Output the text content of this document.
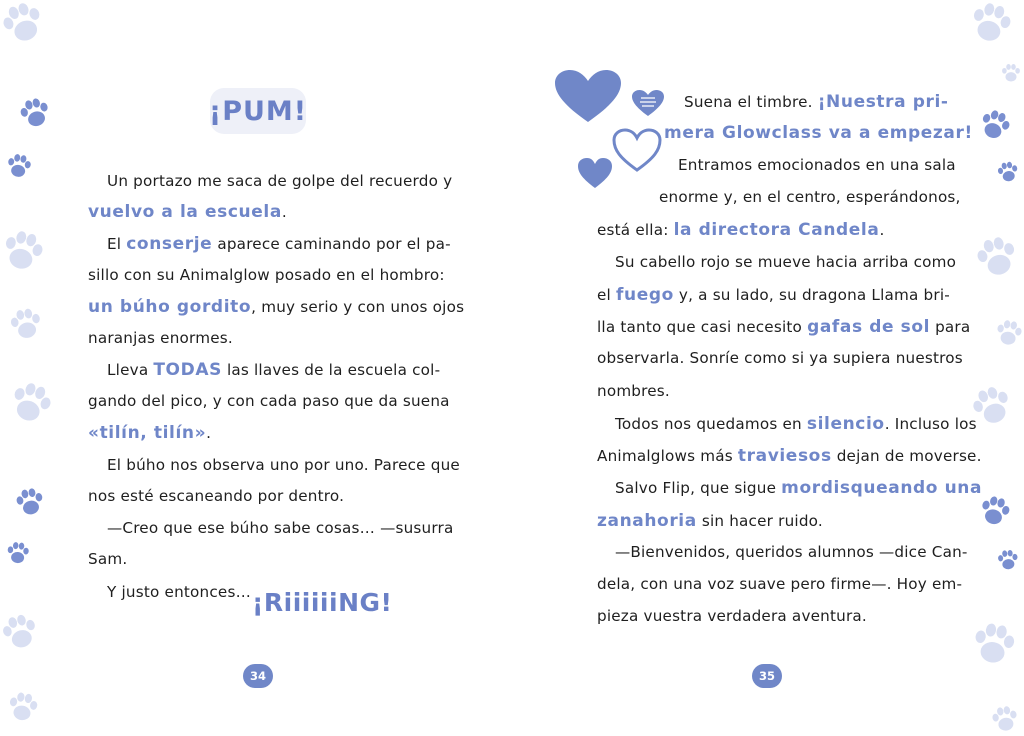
¡PUM!
Un portazo me saca de golpe del recuerdo y
vuelvo a la escuela.
El conserje aparece caminando por el pa-
sillo con su Animalglow posado en el hombro:
un búho gordito, muy serio y con unos ojos
naranjas enormes.
Lleva TODAS las llaves de la escuela col-
gando del pico, y con cada paso que da suena
«tilín, tilín».
El búho nos observa uno por uno. Parece que
nos esté escaneando por dentro.
—Creo que ese búho sabe cosas… —susurra
Sam.
Y justo entonces… ¡RiiiiiiNG!
34
Suena el timbre. ¡Nuestra pri-
mera Glowclass va a empezar!
Entramos emocionados en una sala
enorme y, en el centro, esperándonos,
está ella: la directora Candela.
Su cabello rojo se mueve hacia arriba como
el fuego y, a su lado, su dragona Llama bri-
lla tanto que casi necesito gafas de sol para
observarla. Sonríe como si ya supiera nuestros
nombres.
Todos nos quedamos en silencio. Incluso los
Animalglows más traviesos dejan de moverse.
Salvo Flip, que sigue mordisqueando una
zanahoria sin hacer ruido.
—Bienvenidos, queridos alumnos —dice Can-
dela, con una voz suave pero firme—. Hoy em-
pieza vuestra verdadera aventura.
35
